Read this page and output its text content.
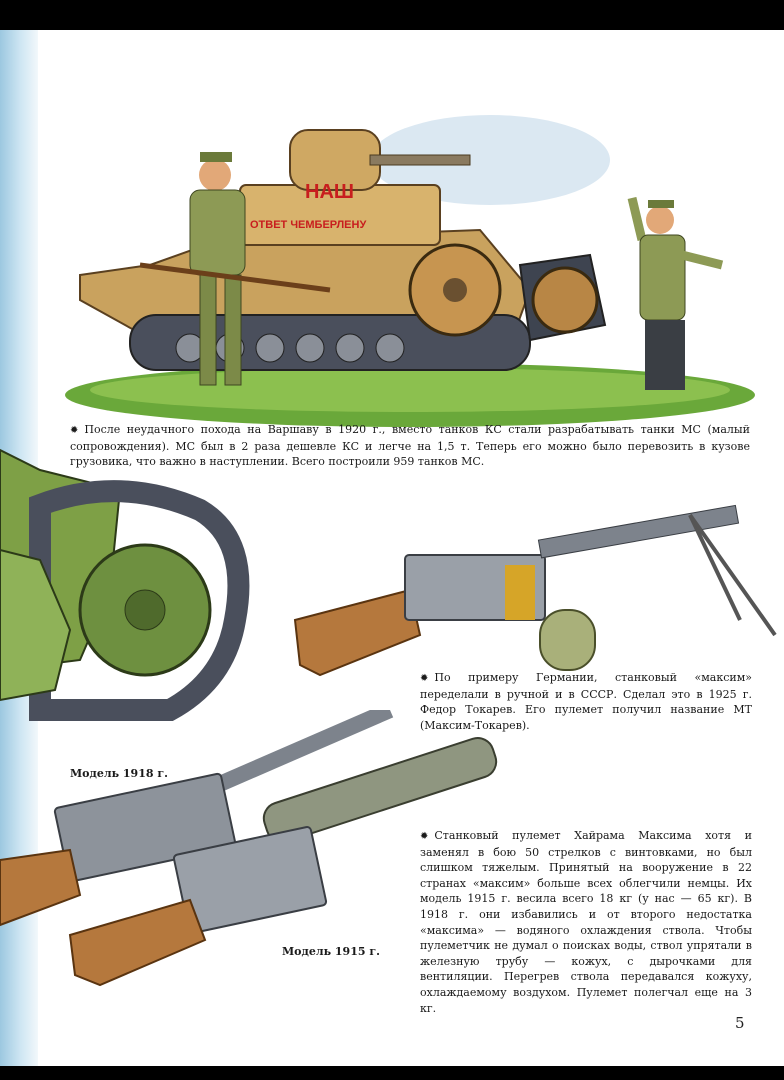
НАШ
ОТВЕТ ЧЕМБЕРЛЕНУ

✹ После неудачного похода на Варшаву в 1920 г., вместо танков КС стали разрабатывать танки МС (малый сопровождения). МС был в 2 раза дешевле КС и легче на 1,5 т. Теперь его можно было перевозить в кузове грузовика, что важно в наступлении. Всего построили 959 танков МС.

✹ По примеру Германии, станковый «максим» переделали в ручной и в СССР. Сделал это в 1925 г. Федор Токарев. Его пулемет получил название МТ (Максим-Токарев).

Модель 1918 г.
Модель 1915 г.

✹ Станковый пулемет Хайрама Максима хотя и заменял в бою 50 стрелков с винтовками, но был слишком тяжелым. Принятый на вооружение в 22 странах «максим» больше всех облегчили немцы. Их модель 1915 г. весила всего 18 кг (у нас — 65 кг). В 1918 г. они избавились и от второго недостатка «максима» — водяного охлаждения ствола. Чтобы пулеметчик не думал о поисках воды, ствол упрятали в железную трубу — кожух, с дырочками для вентиляции. Перегрев ствола передавался кожуху, охлаждаемому воздухом. Пулемет полегчал еще на 3 кг.

5
